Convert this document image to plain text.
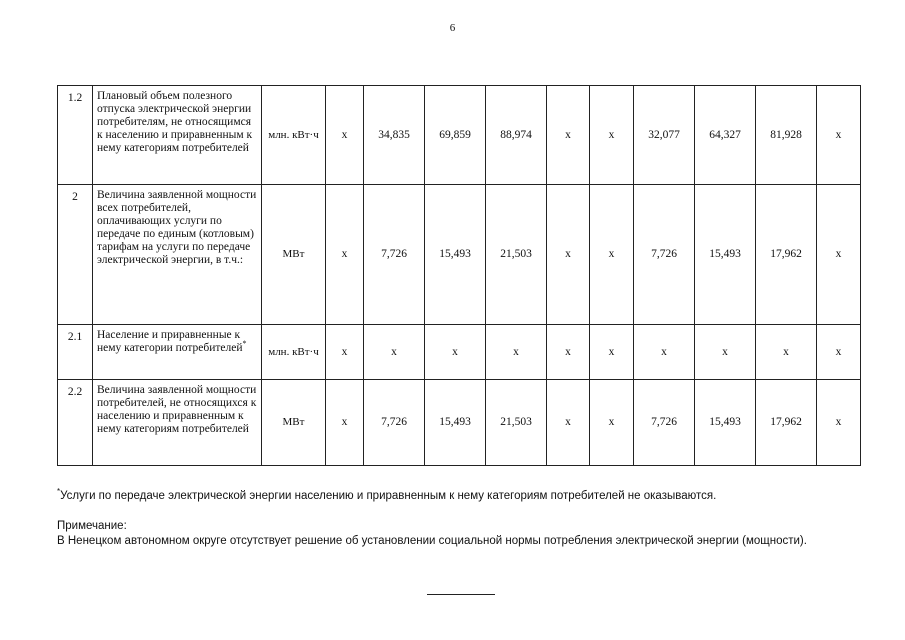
6
1.2	Плановый объем полезного отпуска электрической энергии потребителям, не относящимся к населению и приравненным к нему категориям потребителей	млн. кВт·ч	x	34,835	69,859	88,974	x	x	32,077	64,327	81,928	x
2	Величина заявленной мощности всех потребителей, оплачивающих услуги по передаче по единым (котловым) тарифам на услуги по передаче электрической энергии, в т.ч.:	МВт	x	7,726	15,493	21,503	x	x	7,726	15,493	17,962	x
2.1	Население и приравненные к нему категории потребителей*	млн. кВт·ч	x	x	x	x	x	x	x	x	x	x
2.2	Величина заявленной мощности потребителей, не относящихся к населению и приравненным к нему категориям потребителей	МВт	x	7,726	15,493	21,503	x	x	7,726	15,493	17,962	x
*Услуги по передаче электрической энергии населению и приравненным к нему категориям потребителей не оказываются.
Примечание:
В Ненецком автономном округе отсутствует решение об установлении социальной нормы потребления электрической энергии (мощности).
